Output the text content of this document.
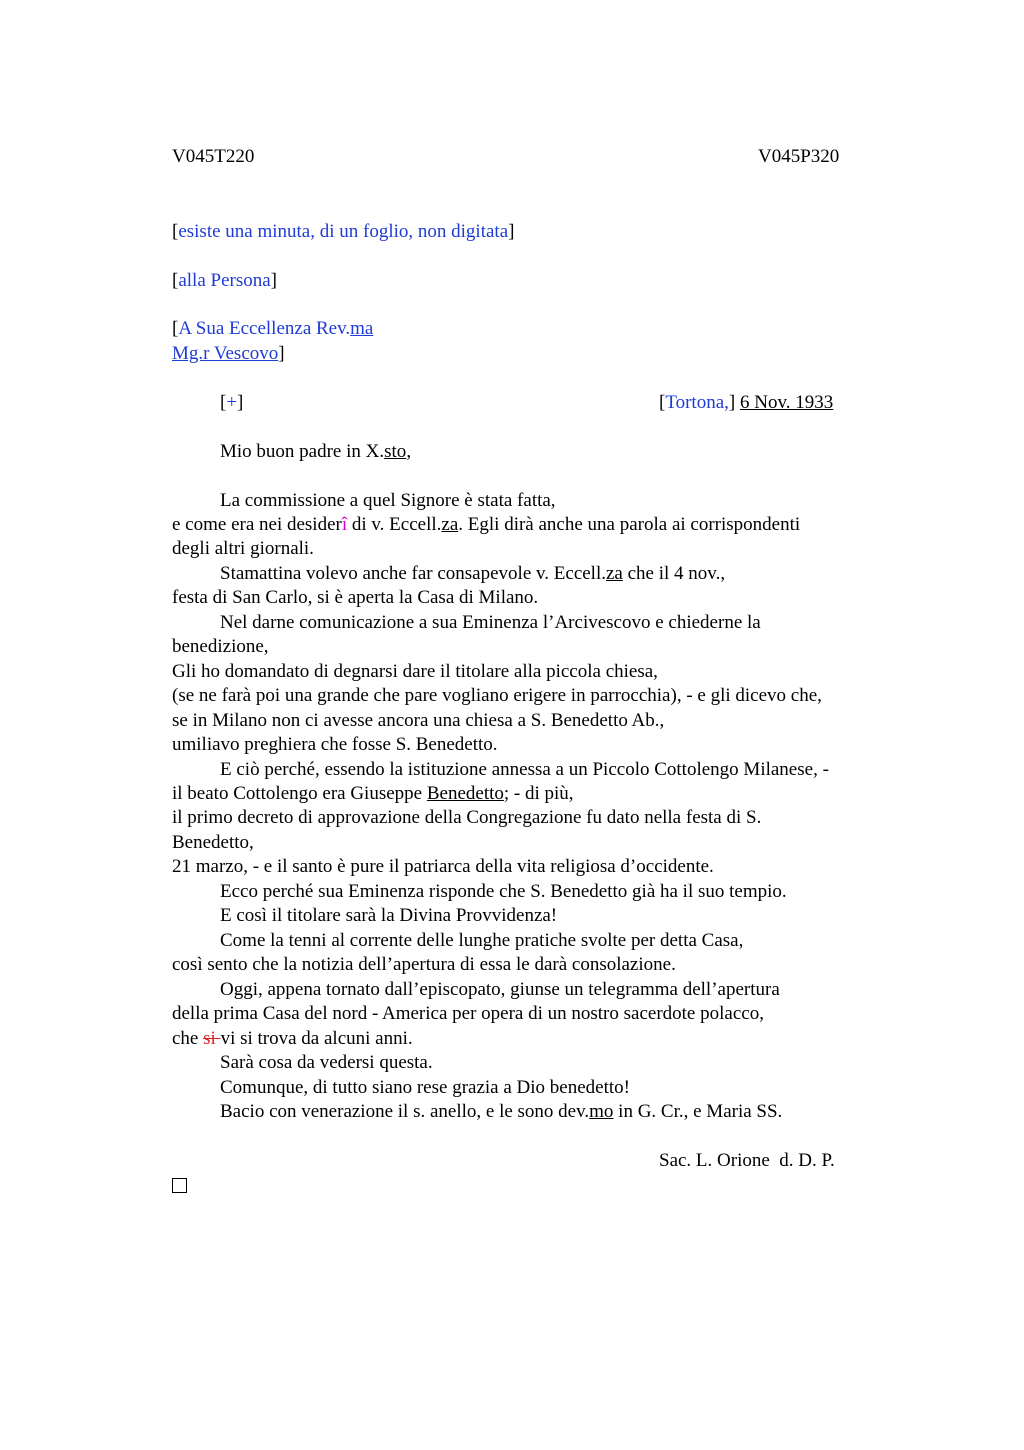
V045T220	V045P320
[esiste una minuta, di un foglio, non digitata]
[alla Persona]
[A Sua Eccellenza Rev.ma
Mg.r Vescovo]
[+]	[Tortona,] 6 Nov. 1933
Mio buon padre in X.sto,
La commissione a quel Signore è stata fatta,
e come era nei desiderî di v. Eccell.za. Egli dirà anche una parola ai corrispondenti
degli altri giornali.
Stamattina volevo anche far consapevole v. Eccell.za che il 4 nov.,
festa di San Carlo, si è aperta la Casa di Milano.
Nel darne comunicazione a sua Eminenza l’Arcivescovo e chiederne la
benedizione,
Gli ho domandato di degnarsi dare il titolare alla piccola chiesa,
(se ne farà poi una grande che pare vogliano erigere in parrocchia), - e gli dicevo che,
se in Milano non ci avesse ancora una chiesa a S. Benedetto Ab.,
umiliavo preghiera che fosse S. Benedetto.
E ciò perché, essendo la istituzione annessa a un Piccolo Cottolengo Milanese, -
il beato Cottolengo era Giuseppe Benedetto; - di più,
il primo decreto di approvazione della Congregazione fu dato nella festa di S.
Benedetto,
21 marzo, - e il santo è pure il patriarca della vita religiosa d’occidente.
Ecco perché sua Eminenza risponde che S. Benedetto già ha il suo tempio.
E così il titolare sarà la Divina Provvidenza!
Come la tenni al corrente delle lunghe pratiche svolte per detta Casa,
così sento che la notizia dell’apertura di essa le darà consolazione.
Oggi, appena tornato dall’episcopato, giunse un telegramma dell’apertura
della prima Casa del nord - America per opera di un nostro sacerdote polacco,
che si vi si trova da alcuni anni.
Sarà cosa da vedersi questa.
Comunque, di tutto siano rese grazia a Dio benedetto!
Bacio con venerazione il s. anello, e le sono dev.mo in G. Cr., e Maria SS.
Sac. L. Orione  d. D. P.
